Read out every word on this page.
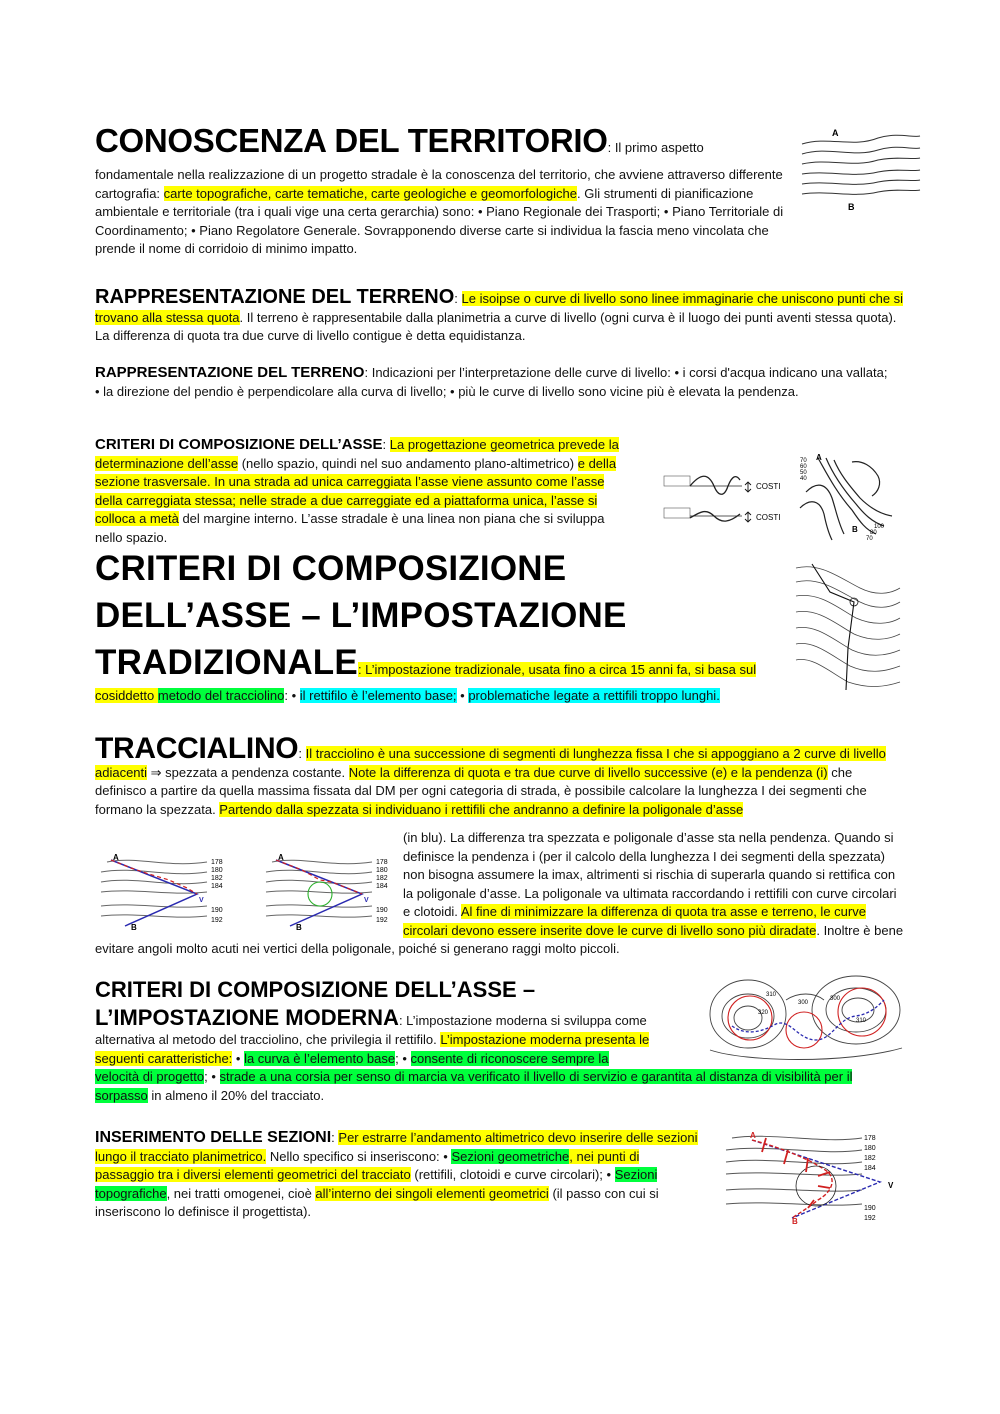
CONOSCENZA DEL TERRITORIO: Il primo aspetto

fondamentale nella realizzazione di un progetto stradale è la conoscenza del territorio, che avviene attraverso differente cartografia: carte topografiche, carte tematiche, carte geologiche e geomorfologiche. Gli strumenti di pianificazione ambientale e territoriale (tra i quali vige una certa gerarchia) sono: • Piano Regionale dei Trasporti; • Piano Territoriale di Coordinamento; • Piano Regolatore Generale. Sovrapponendo diverse carte si individua la fascia meno vincolata che prende il nome di corridoio di minimo impatto.

A
B

RAPPRESENTAZIONE DEL TERRENO: Le isoipse o curve di livello sono linee immaginarie che uniscono punti che si trovano alla stessa quota. Il terreno è rappresentabile dalla planimetria a curve di livello (ogni curva è il luogo dei punti aventi stessa quota). La differenza di quota tra due curve di livello contigue è detta equidistanza.

RAPPRESENTAZIONE DEL TERRENO: Indicazioni per l’interpretazione delle curve di livello: • i corsi d'acqua indicano una vallata; • la direzione del pendio è perpendicolare alla curva di livello; • più le curve di livello sono vicine più è elevata la pendenza.

CRITERI DI COMPOSIZIONE DELL’ASSE: La progettazione geometrica prevede la determinazione dell’asse (nello spazio, quindi nel suo andamento plano-altimetrico) e della sezione trasversale. In una strada ad unica carreggiata l’asse viene assunto come l’asse della carreggiata stessa; nelle strade a due carreggiate ed a piattaforma unica, l’asse si colloca a metà del margine interno. L’asse stradale è una linea non piana che si sviluppa nello spazio.

COSTI
COSTI
70
60
50
40
100
80
70
A
B
CRITERI DI COMPOSIZIONE
DELL’ASSE – L’IMPOSTAZIONE

TRADIZIONALE: L’impostazione tradizionale, usata fino a circa 15 anni fa, si basa sul cosiddetto metodo del tracciolino: • il rettifilo è l’elemento base; • problematiche legate a rettifili troppo lunghi.

TRACCIALINO: Il tracciolino è una successione di segmenti di lunghezza fissa I che si appoggiano a 2 curve di livello adiacenti ⇒ spezzata a pendenza costante. Note la differenza di quota e tra due curve di livello successive (e) e la pendenza (i) che definisco a partire da quella massima fissata dal DM per ogni categoria di strada, è possibile calcolare la lunghezza I dei segmenti che formano la spezzata. Partendo dalla spezzata si individuano i rettifili che andranno a definire la poligonale d’asse

(in blu). La differenza tra spezzata e poligonale d’asse sta nella pendenza. Quando si definisce la pendenza i (per il calcolo della lunghezza I dei segmenti della spezzata) non bisogna assumere la imax, altrimenti si rischia di superarla quando si rettifica con la poligonale d’asse. La poligonale va ultimata raccordando i rettifili con curve circolari e clotoidi. Al fine di minimizzare la differenza di quota tra asse e terreno, le curve circolari devono essere inserite dove le curve di livello sono più diradate. Inoltre è bene evitare angoli molto acuti nei vertici della poligonale, poiché si generano raggi molto piccoli.

A
B
178
180
182
184
190
192
V
A
B
178
180
182
184
190
192
V
CRITERI DI COMPOSIZIONE DELL’ASSE –

L’IMPOSTAZIONE MODERNA: L’impostazione moderna si sviluppa come alternativa al metodo del tracciolino, che privilegia il rettifilo. L’impostazione moderna presenta le seguenti caratteristiche: • la curva è l’elemento base; • consente di riconoscere sempre la velocità di progetto; • strade a una corsia per senso di marcia va verificato il livello di servizio e garantita al distanza di visibilità per il sorpasso in almeno il 20% del tracciato.

310
300
320
310
300

INSERIMENTO DELLE SEZIONI: Per estrarre l’andamento altimetrico devo inserire delle sezioni lungo il tracciato planimetrico. Nello specifico si inseriscono: • Sezioni geometriche, nei punti di passaggio tra i diversi elementi geometrici del tracciato (rettifili, clotoidi e curve circolari); • Sezioni topografiche, nei tratti omogenei, cioè all’interno dei singoli elementi geometrici (il passo con cui si inseriscono lo definisce il progettista).

A
B
V
178
180
182
184
190
192
